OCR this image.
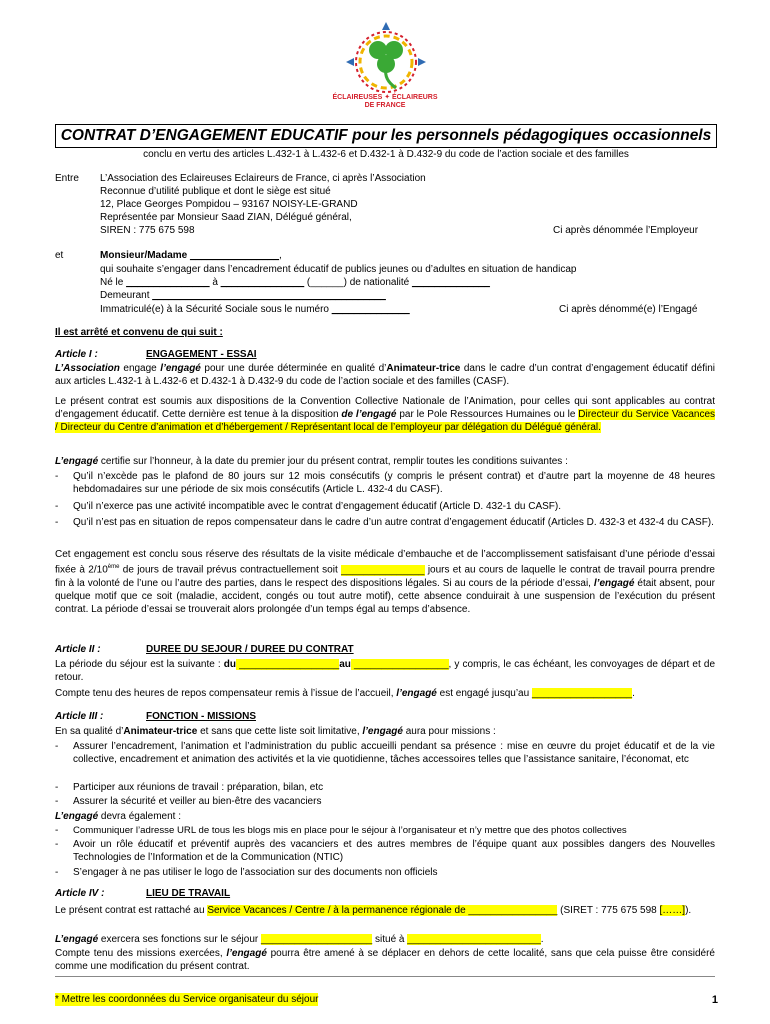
ÉCLAIREUSES ✦ ÉCLAIREURS
DE FRANCE
CONTRAT D’ENGAGEMENT EDUCATIF pour les personnels pédagogiques occasionnels
conclu en vertu des articles L.432-1 à L.432-6 et D.432-1 à D.432-9 du code de l’action sociale et des familles
Entre L’Association des Eclaireuses Eclaireurs de France, ci après l’Association
Reconnue d’utilité publique et dont le siège est situé
12, Place Georges Pompidou – 93167 NOISY-LE-GRAND
Représentée par Monsieur Saad ZIAN, Délégué général,
SIREN : 775 675 598	Ci après dénommée l’Employeur
et	Monsieur/Madame ________________,
qui souhaite s’engager dans l’encadrement éducatif de publics jeunes ou d’adultes en situation de handicap
Né le _______________ à _______________ (______) de nationalité ______________
Demeurant __________________________________________
Immatriculé(e) à la Sécurité Sociale sous le numéro ______________	Ci après dénommé(e) l’Engagé
Il est arrêté et convenu de qui suit :
Article I :	ENGAGEMENT - ESSAI
L’Association engage l’engagé pour une durée déterminée en qualité d’Animateur-trice dans le cadre d’un contrat d’engagement éducatif défini aux articles L.432-1 à L.432-6 et D.432-1 à D.432-9 du code de l’action sociale et des familles (CASF).
Le présent contrat est soumis aux dispositions de la Convention Collective Nationale de l’Animation, pour celles qui sont applicables au contrat d’engagement éducatif. Cette dernière est tenue à la disposition de l’engagé par le Pole Ressources Humaines ou le Directeur du Service Vacances / Directeur du Centre d’animation et d’hébergement / Représentant local de l’employeur par délégation du Délégué général.
L’engagé certifie sur l’honneur, à la date du premier jour du présent contrat, remplir toutes les conditions suivantes :
-	Qu’il n’excède pas le plafond de 80 jours sur 12 mois consécutifs (y compris le présent contrat) et d’autre part la moyenne de 48 heures hebdomadaires sur une période de six mois consécutifs (Article L. 432-4 du CASF).
-	Qu’il n’exerce pas une activité incompatible avec le contrat d’engagement éducatif (Article D. 432-1 du CASF).
-	Qu’il n’est pas en situation de repos compensateur dans le cadre d’un autre contrat d’engagement éducatif (Articles D. 432-3 et 432-4 du CASF).
Cet engagement est conclu sous réserve des résultats de la visite médicale d’embauche et de l’accomplissement satisfaisant d’une période d’essai fixée à 2/10ème de jours de travail prévus contractuellement soit _______________ jours et au cours de laquelle le contrat de travail pourra prendre fin à la volonté de l’une ou l’autre des parties, dans le respect des dispositions légales. Si au cours de la période d’essai, l’engagé était absent, pour quelque motif que ce soit (maladie, accident, congés ou tout autre motif), cette absence conduirait à une suspension de l’exécution du présent contrat. La période d’essai se trouverait alors prolongée d’un temps égal au temps d’absence.
Article II :	DUREE DU SEJOUR / DUREE DU CONTRAT
La période du séjour est la suivante : du __________________au _________________, y compris, le cas échéant, les convoyages de départ et de retour.
Compte tenu des heures de repos compensateur remis à l’issue de l’accueil, l’engagé est engagé jusqu’au __________________.
Article III :	FONCTION - MISSIONS
En sa qualité d’Animateur-trice et sans que cette liste soit limitative, l’engagé aura pour missions :
-	Assurer l’encadrement, l’animation et l’administration du public accueilli pendant sa présence : mise en œuvre du projet éducatif et de la vie collective, encadrement et animation des activités et la vie quotidienne, tâches accessoires telles que l’assistance sanitaire, l’économat, etc
-	Participer aux réunions de travail : préparation, bilan, etc
-	Assurer la sécurité et veiller au bien-être des vacanciers
L’engagé devra également :
-	Communiquer l’adresse URL de tous les blogs mis en place pour le séjour à l’organisateur et n’y mettre que des photos collectives
-	Avoir un rôle éducatif et préventif auprès des vacanciers et des autres membres de l’équipe quant aux possibles dangers des Nouvelles Technologies de l’Information et de la Communication (NTIC)
-	S’engager à ne pas utiliser le logo de l’association sur des documents non officiels
Article IV :	LIEU DE TRAVAIL
Le présent contrat est rattaché au Service Vacances / Centre / à la permanence régionale de ________________ (SIRET : 775 675 598 [……]).
L’engagé exercera ses fonctions sur le séjour ____________________ situé à ________________________.
Compte tenu des missions exercées, l’engagé pourra être amené à se déplacer en dehors de cette localité, sans que cela puisse être considéré comme une modification du présent contrat.
* Mettre les coordonnées du Service organisateur du séjour	1
